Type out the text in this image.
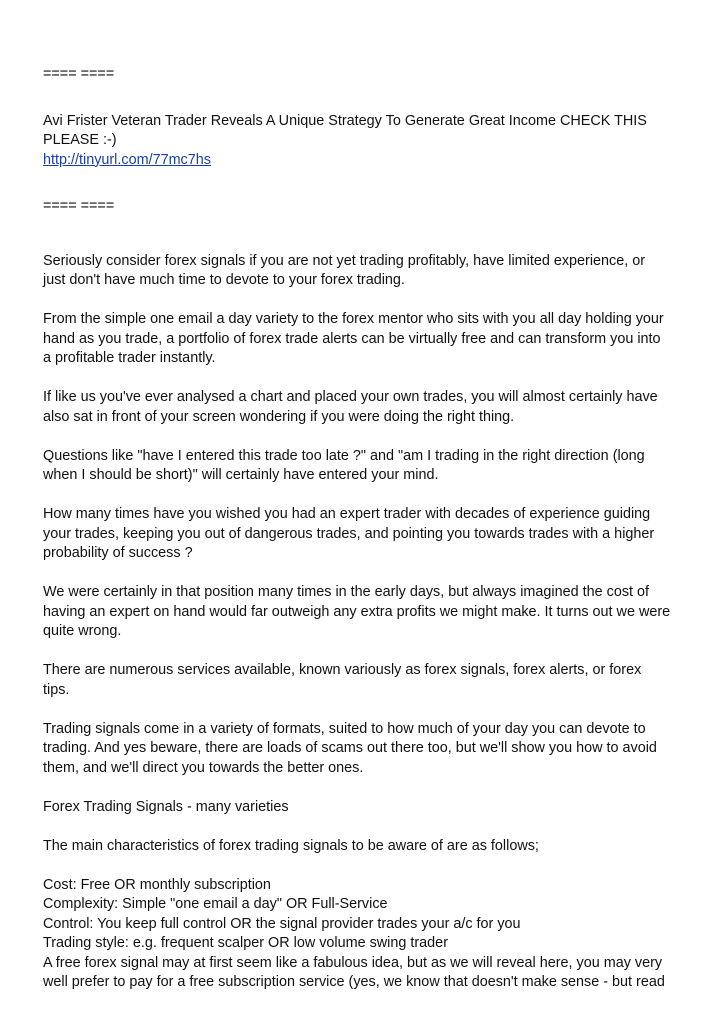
==== ====
Avi Frister Veteran Trader Reveals A Unique Strategy To Generate Great Income CHECK THIS
PLEASE :-)
http://tinyurl.com/77mc7hs
==== ====
Seriously consider forex signals if you are not yet trading profitably, have limited experience, or
just don't have much time to devote to your forex trading.
From the simple one email a day variety to the forex mentor who sits with you all day holding your
hand as you trade, a portfolio of forex trade alerts can be virtually free and can transform you into
a profitable trader instantly.
If like us you've ever analysed a chart and placed your own trades, you will almost certainly have
also sat in front of your screen wondering if you were doing the right thing.
Questions like "have I entered this trade too late ?" and "am I trading in the right direction (long
when I should be short)" will certainly have entered your mind.
How many times have you wished you had an expert trader with decades of experience guiding
your trades, keeping you out of dangerous trades, and pointing you towards trades with a higher
probability of success ?
We were certainly in that position many times in the early days, but always imagined the cost of
having an expert on hand would far outweigh any extra profits we might make. It turns out we were
quite wrong.
There are numerous services available, known variously as forex signals, forex alerts, or forex
tips.
Trading signals come in a variety of formats, suited to how much of your day you can devote to
trading. And yes beware, there are loads of scams out there too, but we'll show you how to avoid
them, and we'll direct you towards the better ones.
Forex Trading Signals - many varieties
The main characteristics of forex trading signals to be aware of are as follows;
Cost: Free OR monthly subscription
Complexity: Simple "one email a day" OR Full-Service
Control: You keep full control OR the signal provider trades your a/c for you
Trading style: e.g. frequent scalper OR low volume swing trader
A free forex signal may at first seem like a fabulous idea, but as we will reveal here, you may very
well prefer to pay for a free subscription service (yes, we know that doesn't make sense - but read
